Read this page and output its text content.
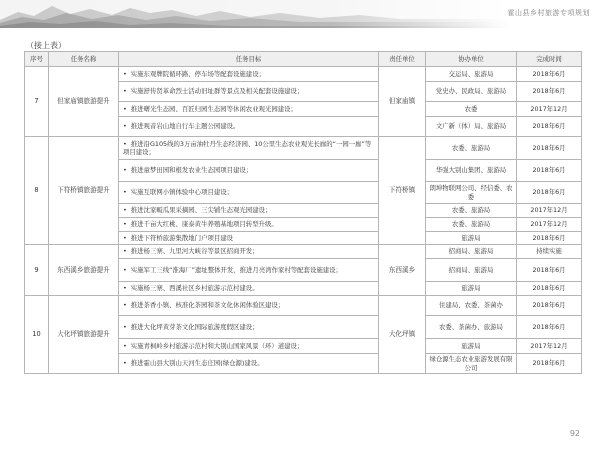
霍山县乡村旅游专项规划
（接上表）
序号	任务名称	任务目标	责任单位	协办单位	完成时间
7	但家庙镇旅游提升	• 实施东观牌院循环路、停车场等配套设施建设；	但家庙镇	交运局、旅游局	2018年6月
		• 实施舒传贤革命烈士活动旧址群等景点及相关配套设施建设；		党史办、民政局、旅游局	2018年6月
		• 推进曙光生态园、百匠归园生态园等休闲农业观光园建设；		农委	2017年12月
		• 推进观音岩山地自行车主题公园建设。		文广新（体）局、旅游局	2018年6月
8	下符桥镇旅游提升	• 推进沿G105线的3万亩油牡丹生态经济园、10公里生态农业观光长廊的“一园一廊”等项目建设；	下符桥镇	农委、旅游局	2018年6月
		• 推进童梦田园和根发农业生态园项目建设；		华强大别山集团、旅游局	2018年6月
		• 实施互联网小镇体验中心项目建设；		朗坤物联网公司、经信委、农委	2018年6月
		• 推进沈家畈瓜果采摘园、三尖铺生态观光园建设；		农委、旅游局	2017年12月
		• 推进千亩大红桃、康泰黄牛养殖基地项目转型升级。		农委、旅游局	2017年12月
		• 推进下符桥旅游集散地门户项目建设		旅游局	2018年6月
9	东西溪乡旅游提升	• 推进杨三寨、九里河大峡谷等景区招商开发；	东西溪乡	招商局、旅游局	持续实施
		• 实施军工三线“淮海厂”遗址整体开发，推进月亮湾作家村等配套设施建设；		招商局、旅游局	2018年6月
		• 实施杨三寨、西溪社区乡村旅游示范村建设。		旅游局	2018年6月
10	大化坪镇旅游提升	• 推进茶香小镇、核准化茶园和茶文化休闲体验区建设；	大化坪镇	住建局、农委、茶菌办	2018年6月
		• 推进大化坪黄芽茶文化国际旅游度假区建设；		农委、茶菌办、旅游局	2018年6月
		• 实施青枫岭乡村旅游示范村和大别山国家风景（环）道建设；		旅游局	2017年12月
		• 推进霍山县大别山天河生态庄园(绿仓源)建设。		绿仓源生态农业旅游发展有限公司	2018年6月
92
